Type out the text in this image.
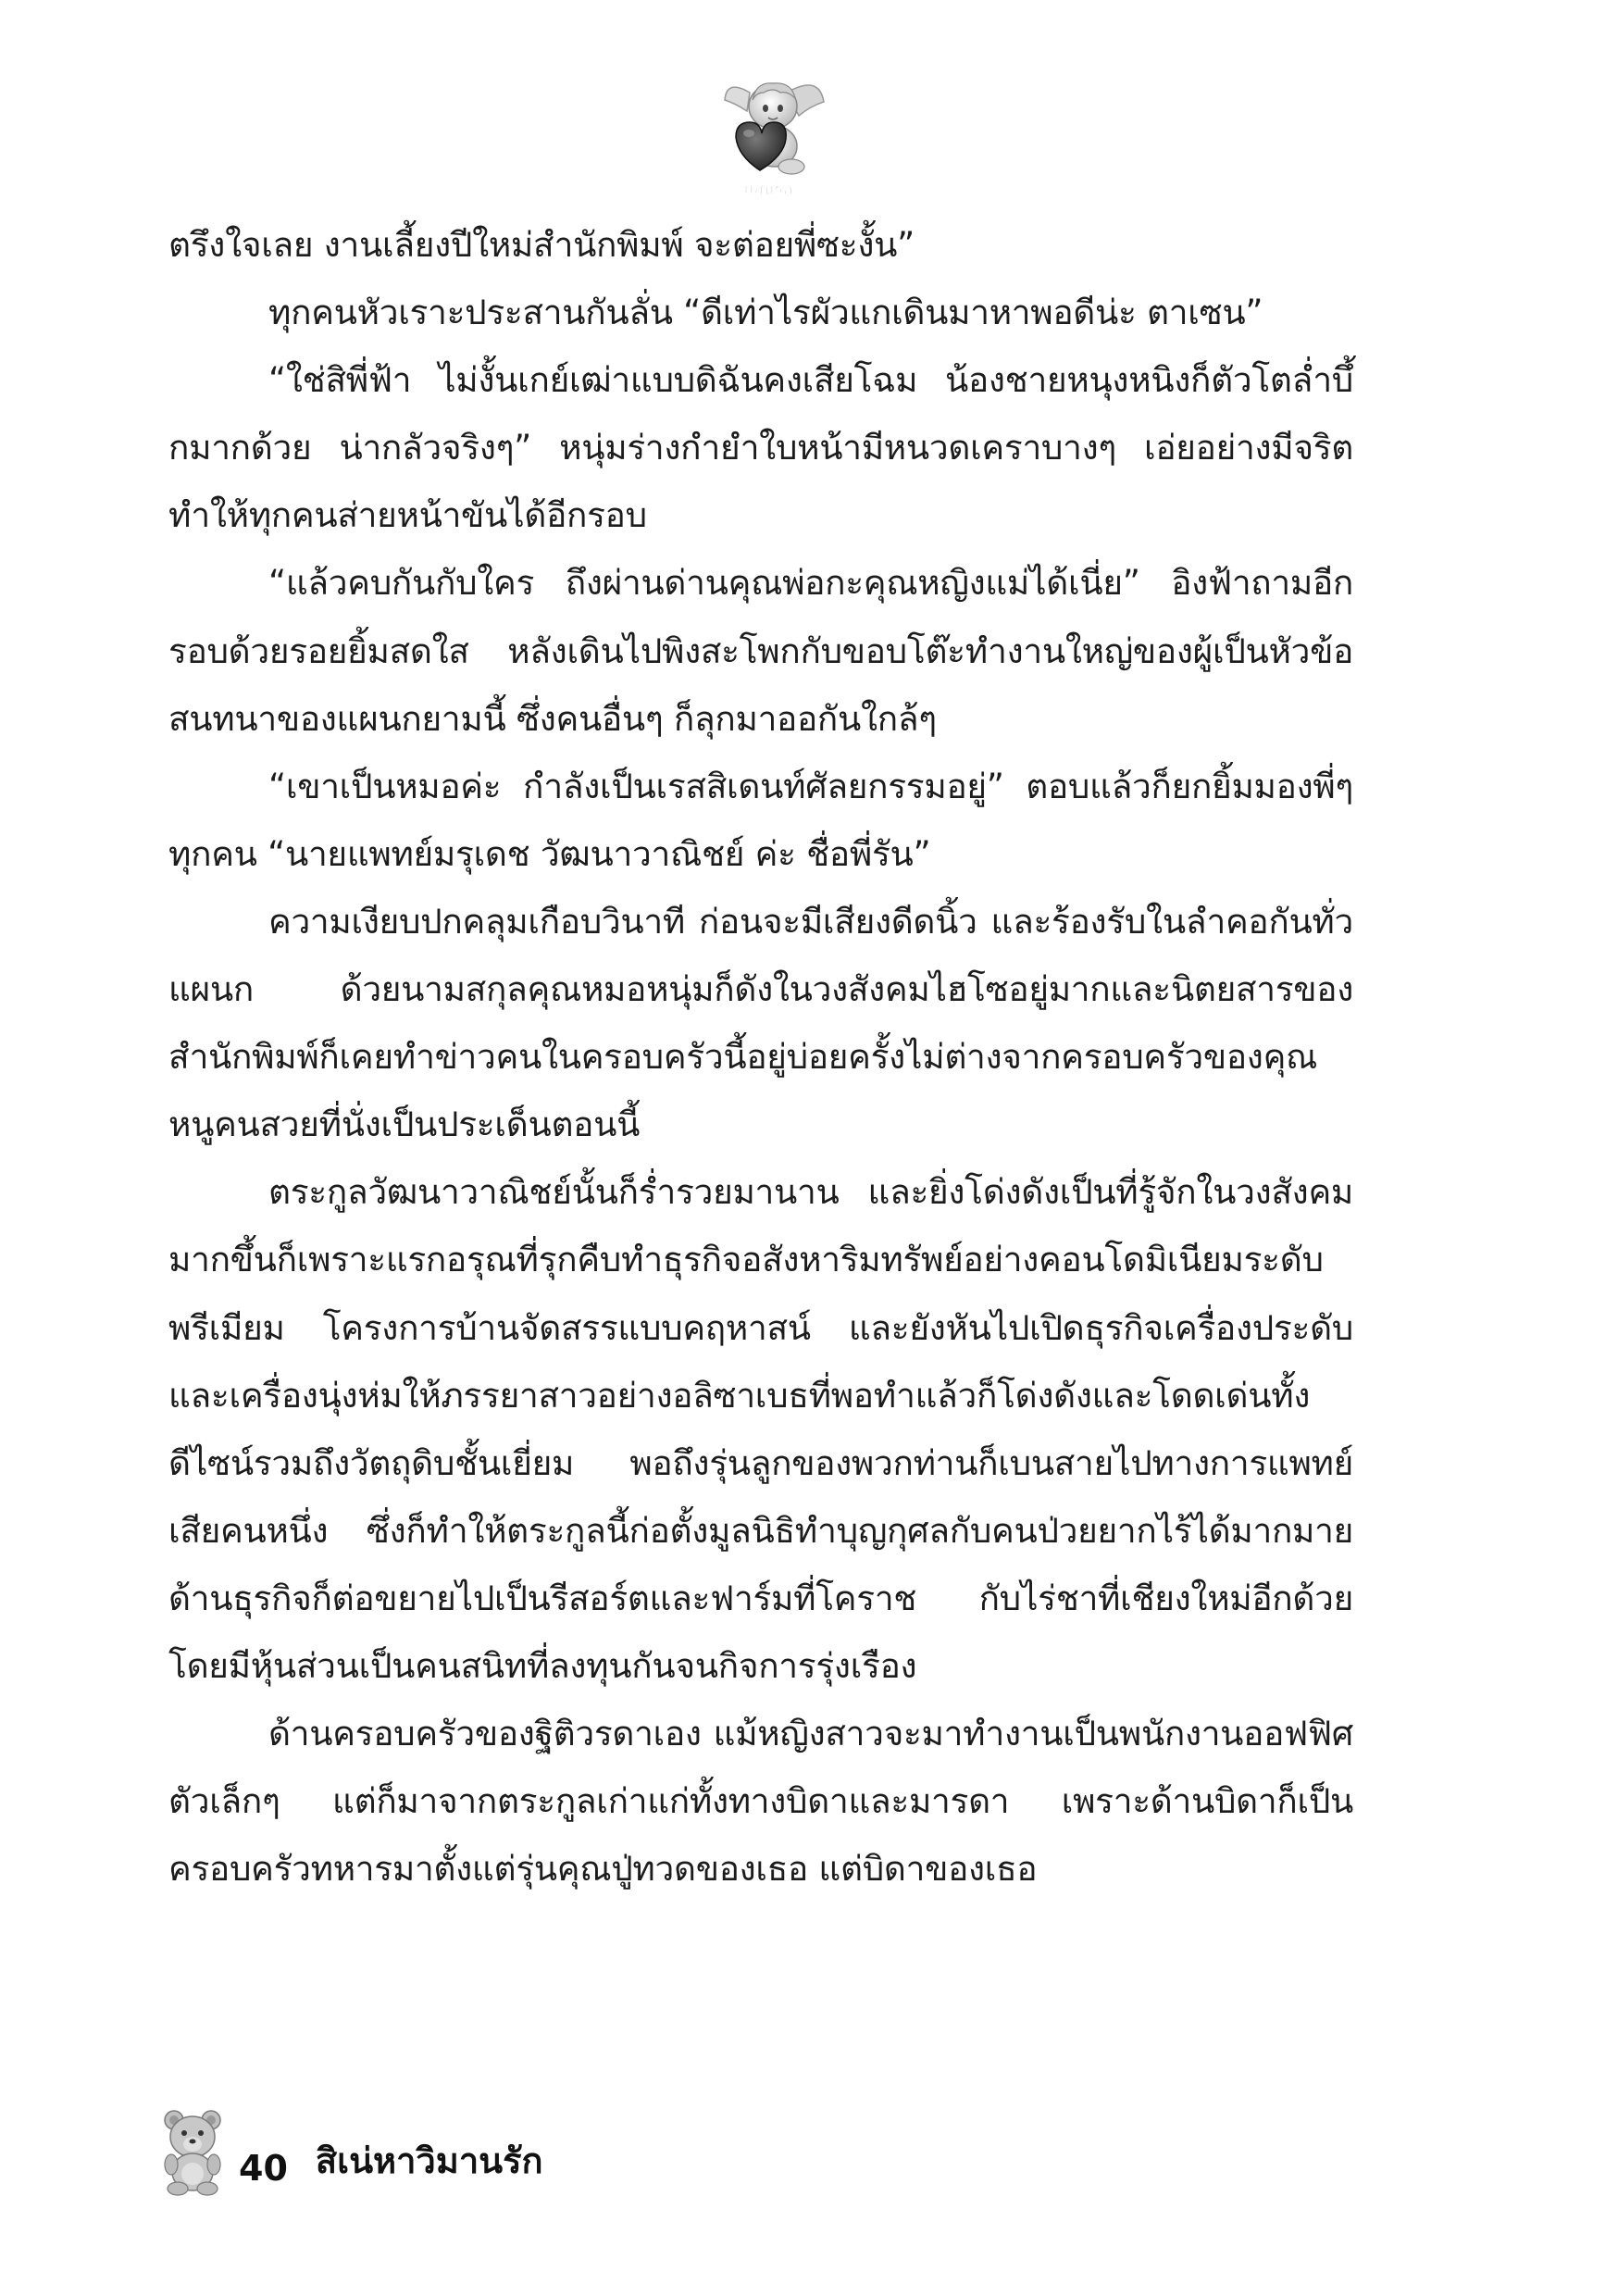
แสนรัก

ตรึงใจเลย งานเลี้ยงปีใหม่สำนักพิมพ์ จะต่อยพี่ซะงั้น”

ทุกคนหัวเราะประสานกันลั่น “ดีเท่าไรผัวแกเดินมาหาพอดีน่ะ ตาเซน”

“ใช่สิพี่ฟ้า ไม่งั้นเกย์เฒ่าแบบดิฉันคงเสียโฉม น้องชายหนุงหนิงก็ตัวโตล่ำบึ้กมากด้วย น่ากลัวจริงๆ” หนุ่มร่างกำยำใบหน้ามีหนวดเคราบางๆ เอ่ยอย่างมีจริต ทำให้ทุกคนส่ายหน้าขันได้อีกรอบ

“แล้วคบกันกับใคร ถึงผ่านด่านคุณพ่อกะคุณหญิงแม่ได้เนี่ย” อิงฟ้าถามอีกรอบด้วยรอยยิ้มสดใส หลังเดินไปพิงสะโพกกับขอบโต๊ะทำงานใหญ่ของผู้เป็นหัวข้อสนทนาของแผนกยามนี้ ซึ่งคนอื่นๆ ก็ลุกมาออกันใกล้ๆ

“เขาเป็นหมอค่ะ กำลังเป็นเรสสิเดนท์ศัลยกรรมอยู่” ตอบแล้วก็ยกยิ้มมองพี่ๆ ทุกคน “นายแพทย์มรุเดช วัฒนาวาณิชย์ ค่ะ ชื่อพี่รัน”

ความเงียบปกคลุมเกือบวินาที ก่อนจะมีเสียงดีดนิ้ว และร้องรับในลำคอกันทั่วแผนก ด้วยนามสกุลคุณหมอหนุ่มก็ดังในวงสังคมไฮโซอยู่มากและนิตยสารของสำนักพิมพ์ก็เคยทำข่าวคนในครอบครัวนี้อยู่บ่อยครั้งไม่ต่างจากครอบครัวของคุณหนูคนสวยที่นั่งเป็นประเด็นตอนนี้

ตระกูลวัฒนาวาณิชย์นั้นก็ร่ำรวยมานาน และยิ่งโด่งดังเป็นที่รู้จักในวงสังคมมากขึ้นก็เพราะแรกอรุณที่รุกคืบทำธุรกิจอสังหาริมทรัพย์อย่างคอนโดมิเนียมระดับพรีเมียม โครงการบ้านจัดสรรแบบคฤหาสน์ และยังหันไปเปิดธุรกิจเครื่องประดับและเครื่องนุ่งห่มให้ภรรยาสาวอย่างอลิซาเบธที่พอทำแล้วก็โด่งดังและโดดเด่นทั้งดีไซน์รวมถึงวัตถุดิบชั้นเยี่ยม พอถึงรุ่นลูกของพวกท่านก็เบนสายไปทางการแพทย์เสียคนหนึ่ง ซึ่งก็ทำให้ตระกูลนี้ก่อตั้งมูลนิธิทำบุญกุศลกับคนป่วยยากไร้ได้มากมาย ด้านธุรกิจก็ต่อขยายไปเป็นรีสอร์ตและฟาร์มที่โคราช กับไร่ชาที่เชียงใหม่อีกด้วยโดยมีหุ้นส่วนเป็นคนสนิทที่ลงทุนกันจนกิจการรุ่งเรือง

ด้านครอบครัวของฐิติวรดาเอง แม้หญิงสาวจะมาทำงานเป็นพนักงานออฟฟิศตัวเล็กๆ แต่ก็มาจากตระกูลเก่าแก่ทั้งทางบิดาและมารดา เพราะด้านบิดาก็เป็นครอบครัวทหารมาตั้งแต่รุ่นคุณปู่ทวดของเธอ แต่บิดาของเธอ

40 สิเน่หาวิมานรัก
